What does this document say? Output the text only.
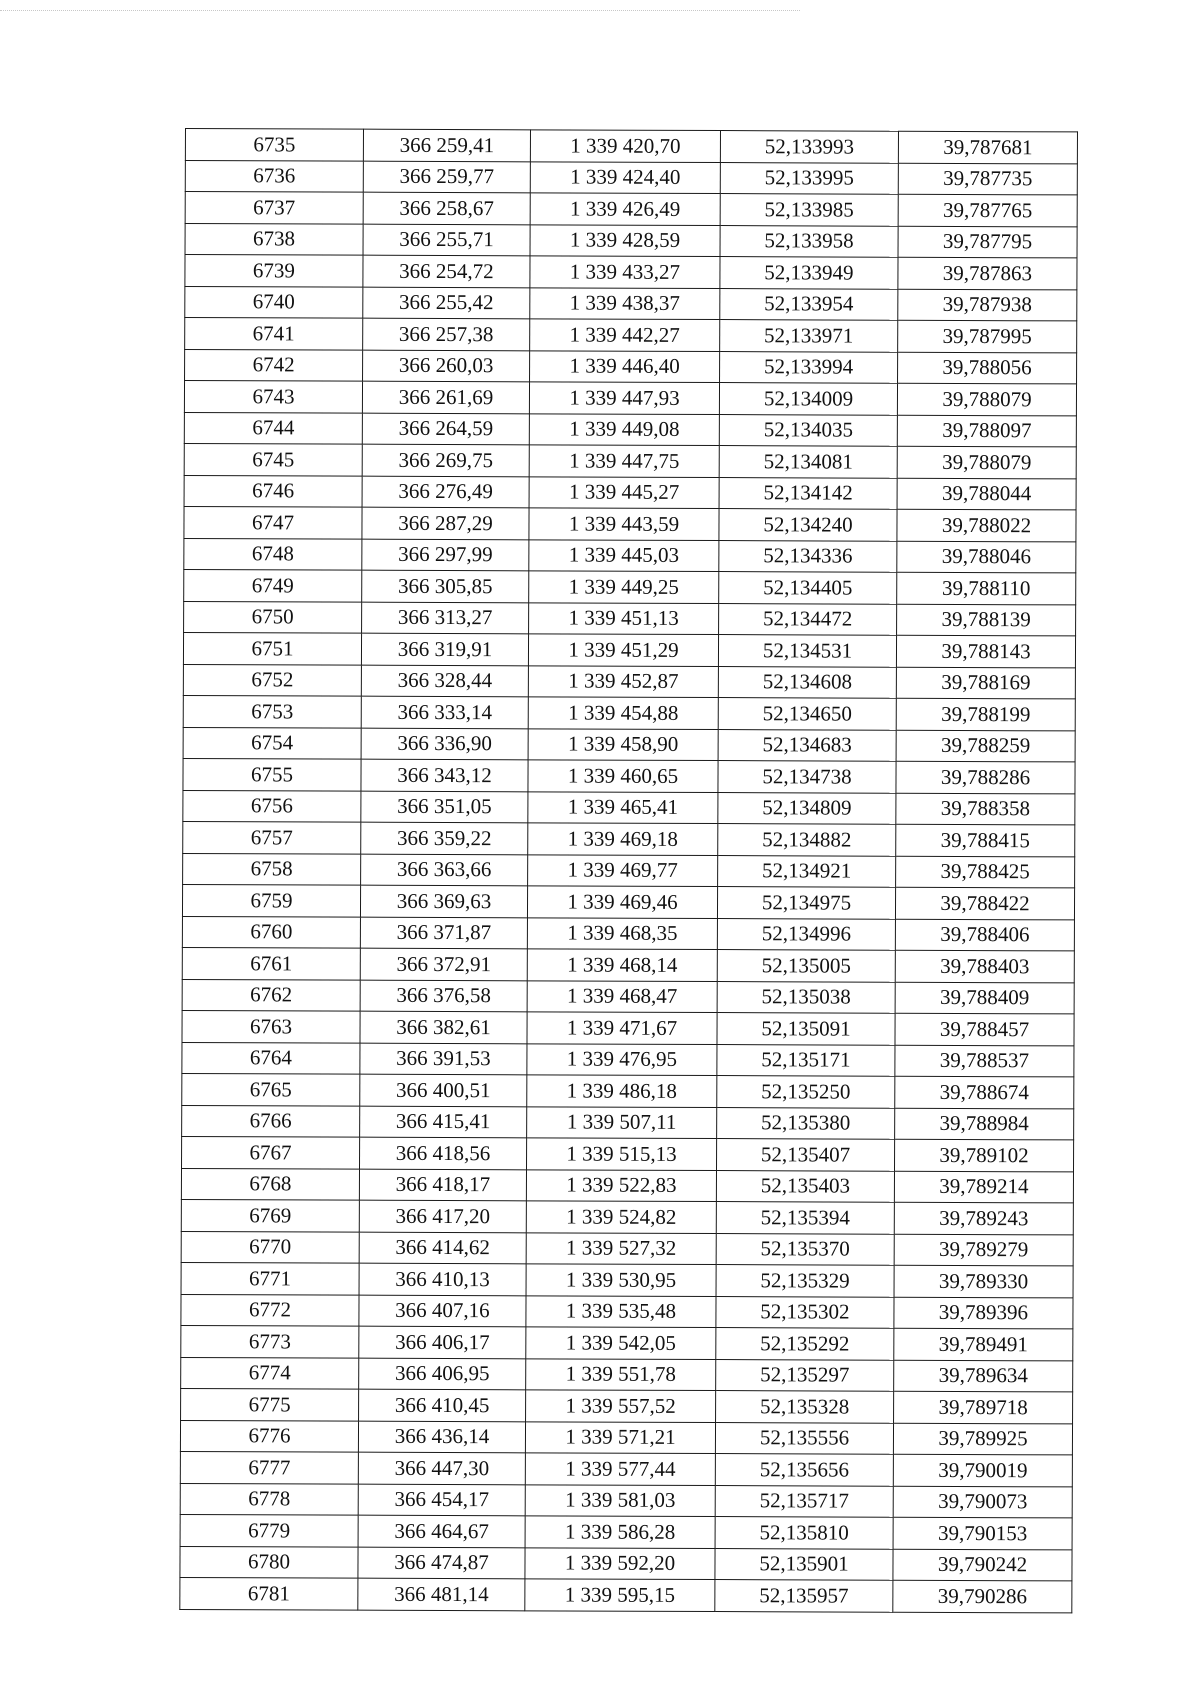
6735	366 259,41	1 339 420,70	52,133993	39,787681
6736	366 259,77	1 339 424,40	52,133995	39,787735
6737	366 258,67	1 339 426,49	52,133985	39,787765
6738	366 255,71	1 339 428,59	52,133958	39,787795
6739	366 254,72	1 339 433,27	52,133949	39,787863
6740	366 255,42	1 339 438,37	52,133954	39,787938
6741	366 257,38	1 339 442,27	52,133971	39,787995
6742	366 260,03	1 339 446,40	52,133994	39,788056
6743	366 261,69	1 339 447,93	52,134009	39,788079
6744	366 264,59	1 339 449,08	52,134035	39,788097
6745	366 269,75	1 339 447,75	52,134081	39,788079
6746	366 276,49	1 339 445,27	52,134142	39,788044
6747	366 287,29	1 339 443,59	52,134240	39,788022
6748	366 297,99	1 339 445,03	52,134336	39,788046
6749	366 305,85	1 339 449,25	52,134405	39,788110
6750	366 313,27	1 339 451,13	52,134472	39,788139
6751	366 319,91	1 339 451,29	52,134531	39,788143
6752	366 328,44	1 339 452,87	52,134608	39,788169
6753	366 333,14	1 339 454,88	52,134650	39,788199
6754	366 336,90	1 339 458,90	52,134683	39,788259
6755	366 343,12	1 339 460,65	52,134738	39,788286
6756	366 351,05	1 339 465,41	52,134809	39,788358
6757	366 359,22	1 339 469,18	52,134882	39,788415
6758	366 363,66	1 339 469,77	52,134921	39,788425
6759	366 369,63	1 339 469,46	52,134975	39,788422
6760	366 371,87	1 339 468,35	52,134996	39,788406
6761	366 372,91	1 339 468,14	52,135005	39,788403
6762	366 376,58	1 339 468,47	52,135038	39,788409
6763	366 382,61	1 339 471,67	52,135091	39,788457
6764	366 391,53	1 339 476,95	52,135171	39,788537
6765	366 400,51	1 339 486,18	52,135250	39,788674
6766	366 415,41	1 339 507,11	52,135380	39,788984
6767	366 418,56	1 339 515,13	52,135407	39,789102
6768	366 418,17	1 339 522,83	52,135403	39,789214
6769	366 417,20	1 339 524,82	52,135394	39,789243
6770	366 414,62	1 339 527,32	52,135370	39,789279
6771	366 410,13	1 339 530,95	52,135329	39,789330
6772	366 407,16	1 339 535,48	52,135302	39,789396
6773	366 406,17	1 339 542,05	52,135292	39,789491
6774	366 406,95	1 339 551,78	52,135297	39,789634
6775	366 410,45	1 339 557,52	52,135328	39,789718
6776	366 436,14	1 339 571,21	52,135556	39,789925
6777	366 447,30	1 339 577,44	52,135656	39,790019
6778	366 454,17	1 339 581,03	52,135717	39,790073
6779	366 464,67	1 339 586,28	52,135810	39,790153
6780	366 474,87	1 339 592,20	52,135901	39,790242
6781	366 481,14	1 339 595,15	52,135957	39,790286
